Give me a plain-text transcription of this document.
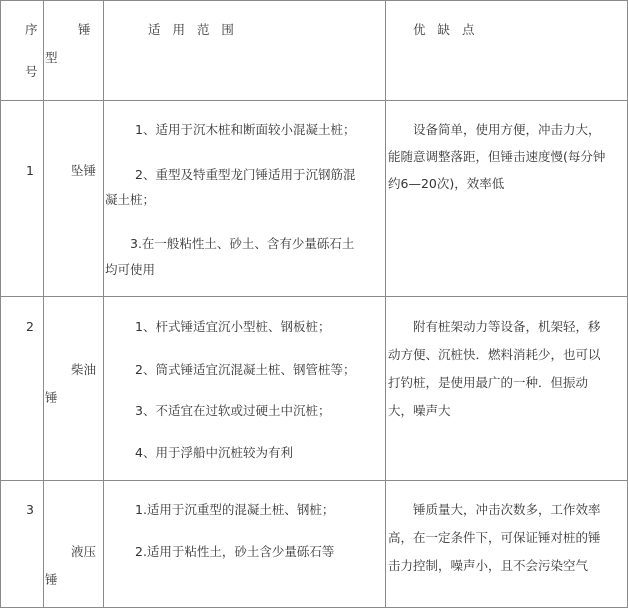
序
号
锤
型
适 用 范 围	优 缺 点
1	坠锤
1、适用于沉木桩和断面较小混凝土桩；
2、重型及特重型龙门锤适用于沉钢筋混
凝土桩；
3.在一般粘性土、砂土、含有少量砾石土
均可使用
设备简单，使用方便，冲击力大，
能随意调整落距，但锤击速度慢(每分钟
约6—20次)，效率低
2
柴油
锤
1、杆式锤适宜沉小型桩、钢板桩；
2、筒式锤适宜沉混凝土桩、钢管桩等；
3、不适宜在过软或过硬土中沉桩；
4、用于浮船中沉桩较为有利
附有桩架动力等设备，机架轻，移
动方便、沉桩快．燃料消耗少，也可以
打钓桩，是使用最广的一种．但振动
大，噪声大
3
液压
锤
1.适用于沉重型的混凝土桩、钢桩；
2.适用于粘性土，砂土含少量砾石等
锤质量大，冲击次数多，工作效率
高，在一定条件下，可保证锤对桩的锤
击力控制，噪声小，且不会污染空气
